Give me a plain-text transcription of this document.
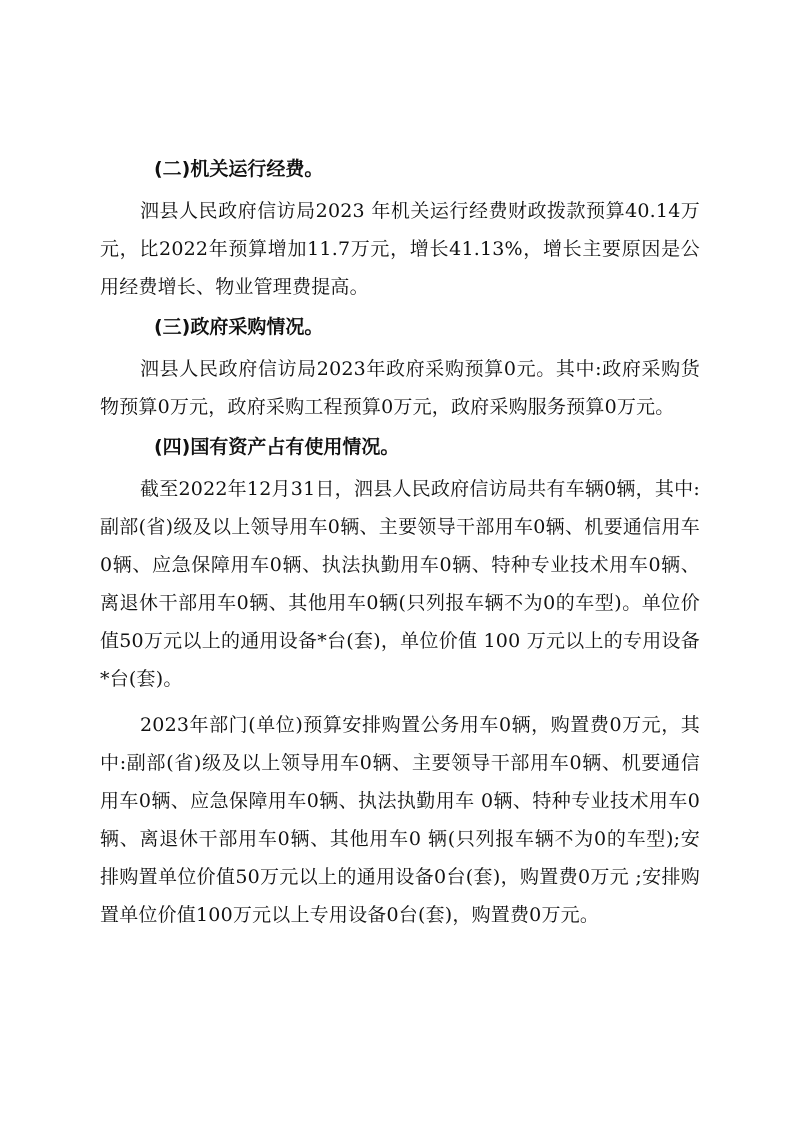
(二)机关运行经费。

泗县人民政府信访局2023 年机关运行经费财政拨款预算40.14万元，比2022年预算增加11.7万元，增长41.13%，增长主要原因是公用经费增长、物业管理费提高。

(三)政府采购情况。

泗县人民政府信访局2023年政府采购预算0元。其中:政府采购货物预算0万元，政府采购工程预算0万元，政府采购服务预算0万元。

(四)国有资产占有使用情况。

截至2022年12月31日，泗县人民政府信访局共有车辆0辆，其中:副部(省)级及以上领导用车0辆、主要领导干部用车0辆、机要通信用车0辆、应急保障用车0辆、执法执勤用车0辆、特种专业技术用车0辆、离退休干部用车0辆、其他用车0辆(只列报车辆不为0的车型)。单位价值50万元以上的通用设备*台(套)，单位价值 100 万元以上的专用设备*台(套)。

2023年部门(单位)预算安排购置公务用车0辆，购置费0万元，其中:副部(省)级及以上领导用车0辆、主要领导干部用车0辆、机要通信用车0辆、应急保障用车0辆、执法执勤用车 0辆、特种专业技术用车0辆、离退休干部用车0辆、其他用车0 辆(只列报车辆不为0的车型);安排购置单位价值50万元以上的通用设备0台(套)，购置费0万元 ;安排购置单位价值100万元以上专用设备0台(套)，购置费0万元。
